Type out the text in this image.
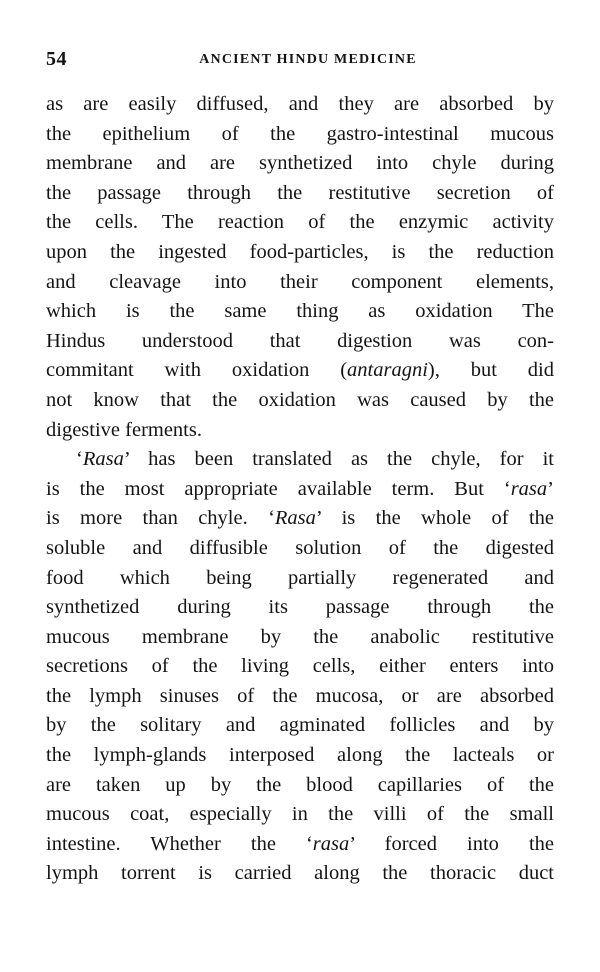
54	ANCIENT HINDU MEDICINE
as are easily diffused, and they are absorbed by
the epithelium of the gastro-intestinal mucous
membrane and are synthetized into chyle during
the passage through the restitutive secretion of
the cells. The reaction of the enzymic activity
upon the ingested food-particles, is the reduction
and cleavage into their component elements,
which is the same thing as oxidation The
Hindus understood that digestion was con-
commitant with oxidation (antaragni), but did
not know that the oxidation was caused by the
digestive ferments.
‘Rasa’ has been translated as the chyle, for it
is the most appropriate available term. But ‘rasa’
is more than chyle. ‘Rasa’ is the whole of the
soluble and diffusible solution of the digested
food which being partially regenerated and
synthetized during its passage through the
mucous membrane by the anabolic restitutive
secretions of the living cells, either enters into
the lymph sinuses of the mucosa, or are absorbed
by the solitary and agminated follicles and by
the lymph-glands interposed along the lacteals or
are taken up by the blood capillaries of the
mucous coat, especially in the villi of the small
intestine. Whether the ‘rasa’ forced into the
lymph torrent is carried along the thoracic duct
